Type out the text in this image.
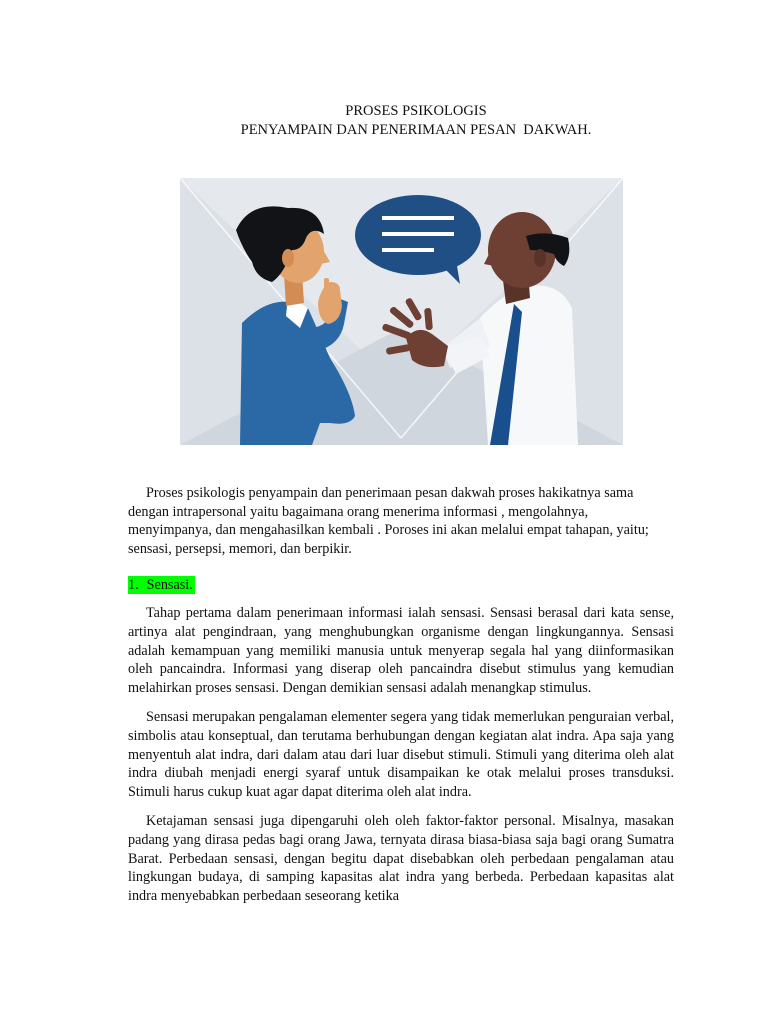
PROSES PSIKOLOGIS
PENYAMPAIN DAN PENERIMAAN PESAN  DAKWAH.

Proses psikologis penyampain dan penerimaan pesan dakwah proses hakikatnya sama dengan intrapersonal yaitu bagaimana orang menerima informasi , mengolahnya, menyimpanya, dan mengahasilkan kembali . Poroses ini akan melalui empat tahapan, yaitu; sensasi, persepsi, memori, dan berpikir.

1. Sensasi.

Tahap pertama dalam penerimaan informasi ialah sensasi. Sensasi berasal dari kata sense, artinya alat pengindraan, yang menghubungkan organisme dengan lingkungannya. Sensasi adalah kemampuan yang memiliki manusia untuk menyerap segala hal yang diinformasikan oleh pancaindra. Informasi yang diserap oleh pancaindra disebut stimulus yang kemudian melahirkan proses sensasi. Dengan demikian sensasi adalah menangkap stimulus.

Sensasi merupakan pengalaman elementer segera yang tidak memerlukan penguraian verbal, simbolis atau konseptual, dan terutama berhubungan dengan kegiatan alat indra. Apa saja yang menyentuh alat indra, dari dalam atau dari luar disebut stimuli. Stimuli yang diterima oleh alat indra diubah menjadi energi syaraf untuk disampaikan ke otak melalui proses transduksi. Stimuli harus cukup kuat agar dapat diterima oleh alat indra.

Ketajaman sensasi juga dipengaruhi oleh oleh faktor-faktor personal. Misalnya, masakan padang yang dirasa pedas bagi orang Jawa, ternyata dirasa biasa-biasa saja bagi orang Sumatra Barat. Perbedaan sensasi, dengan begitu dapat disebabkan oleh perbedaan pengalaman atau lingkungan budaya, di samping kapasitas alat indra yang berbeda. Perbedaan kapasitas alat indra menyebabkan perbedaan seseorang ketika
